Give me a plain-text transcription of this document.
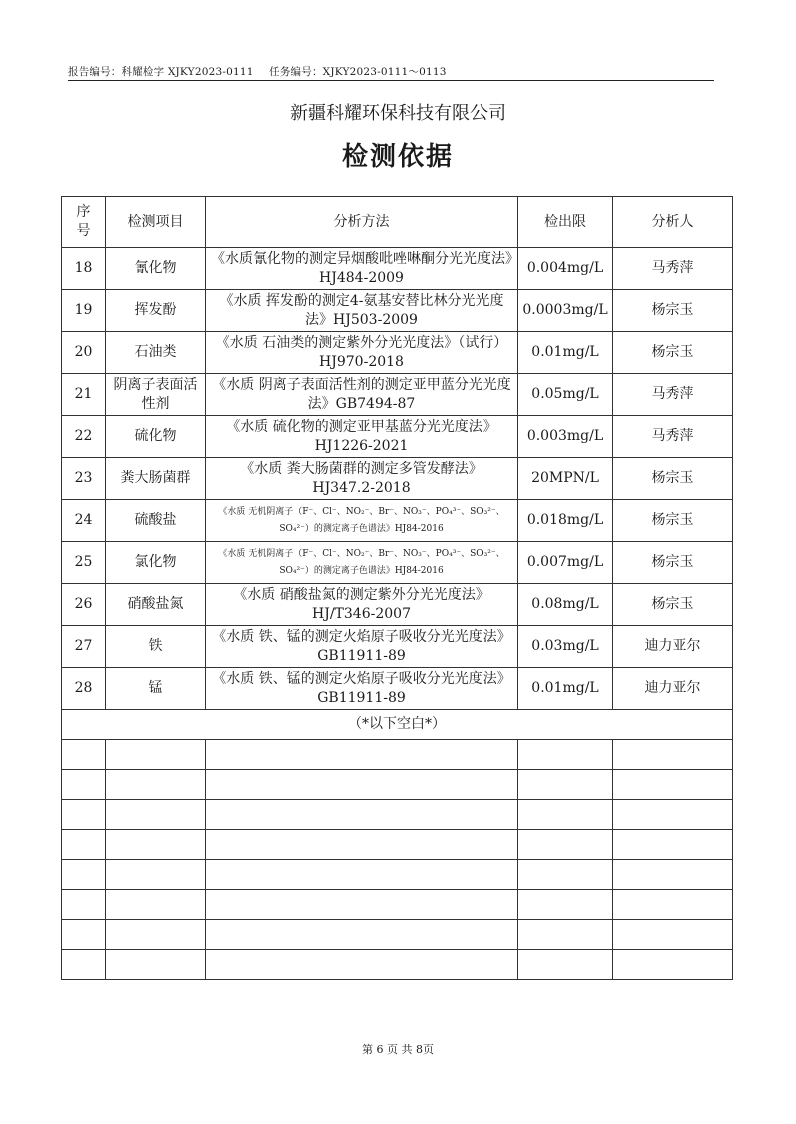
报告编号：科耀检字 XJKY2023-0111 任务编号：XJKY2023-0111～0113
新疆科耀环保科技有限公司
检测依据
序号	检测项目	分析方法	检出限	分析人
18	氰化物	《水质氰化物的测定异烟酸吡唑啉酮分光光度法》HJ484-2009	0.004mg/L	马秀萍
19	挥发酚	《水质 挥发酚的测定4-氨基安替比林分光光度法》HJ503-2009	0.0003mg/L	杨宗玉
20	石油类	《水质 石油类的测定紫外分光光度法》（试行）HJ970-2018	0.01mg/L	杨宗玉
21	阴离子表面活性剂	《水质 阴离子表面活性剂的测定亚甲蓝分光光度法》GB7494-87	0.05mg/L	马秀萍
22	硫化物	《水质 硫化物的测定亚甲基蓝分光光度法》HJ1226-2021	0.003mg/L	马秀萍
23	粪大肠菌群	《水质 粪大肠菌群的测定多管发酵法》HJ347.2-2018	20MPN/L	杨宗玉
24	硫酸盐	《水质 无机阴离子（F⁻、Cl⁻、NO₂⁻、Br⁻、NO₃⁻、PO₄³⁻、SO₃²⁻、SO₄²⁻）的测定离子色谱法》HJ84-2016	0.018mg/L	杨宗玉
25	氯化物	《水质 无机阴离子（F⁻、Cl⁻、NO₂⁻、Br⁻、NO₃⁻、PO₄³⁻、SO₃²⁻、SO₄²⁻）的测定离子色谱法》HJ84-2016	0.007mg/L	杨宗玉
26	硝酸盐氮	《水质 硝酸盐氮的测定紫外分光光度法》HJ/T346-2007	0.08mg/L	杨宗玉
27	铁	《水质 铁、锰的测定火焰原子吸收分光光度法》GB11911-89	0.03mg/L	迪力亚尔
28	锰	《水质 铁、锰的测定火焰原子吸收分光光度法》GB11911-89	0.01mg/L	迪力亚尔
（*以下空白*）				

第 6 页 共 8页
